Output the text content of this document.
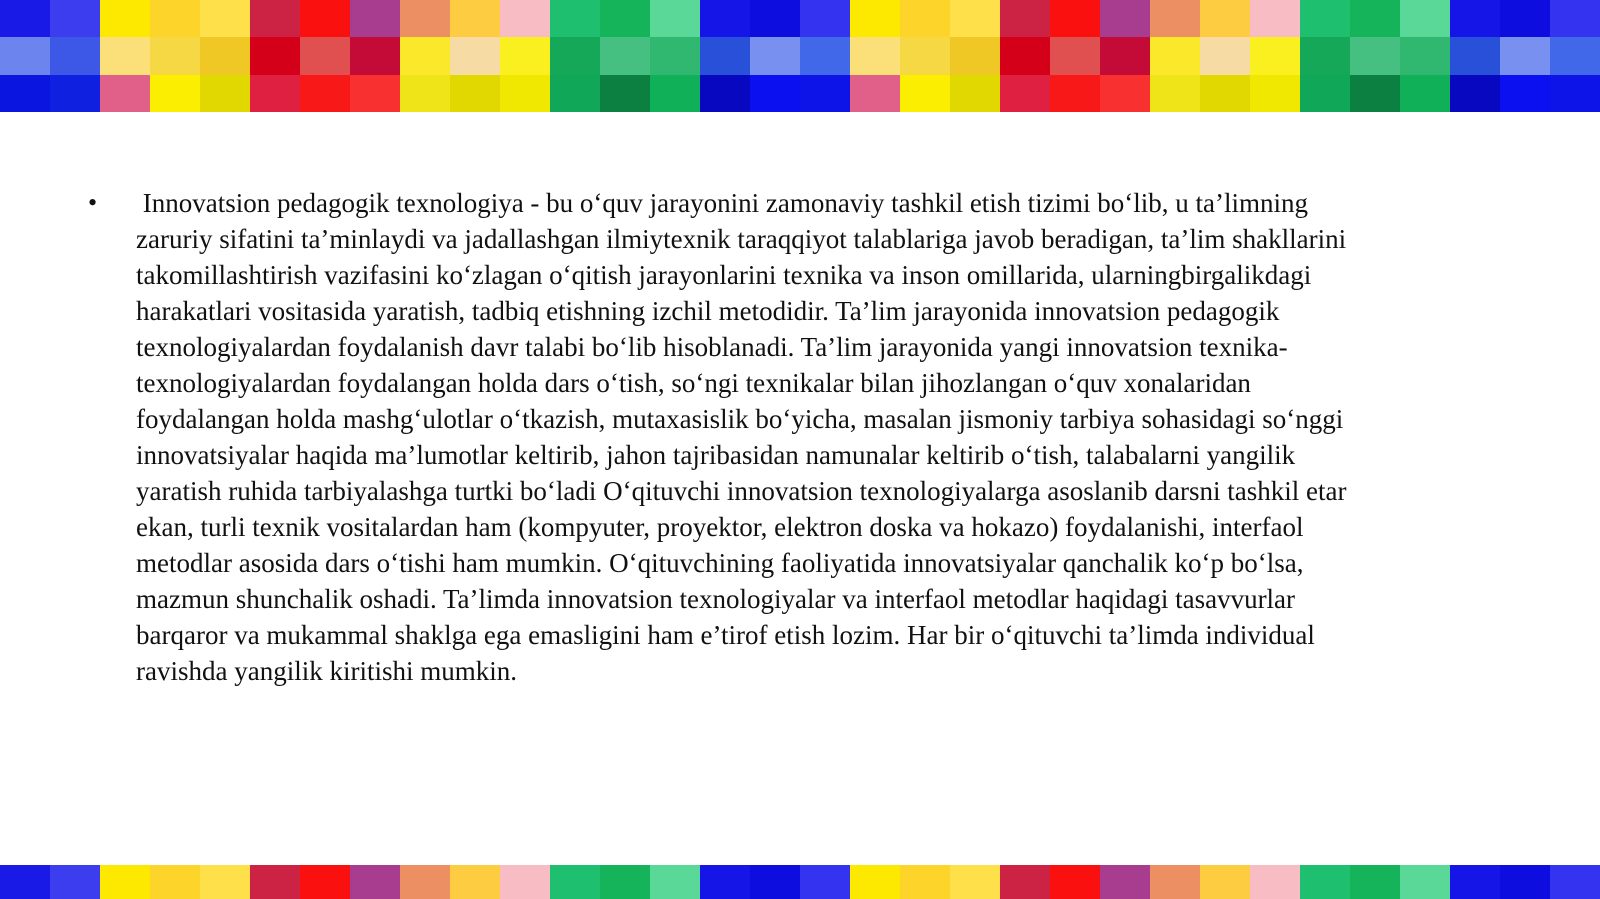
•	Innovatsion pedagogik texnologiya - bu o‘quv jarayonini zamonaviy tashkil etish tizimi bo‘lib, u ta’limning
zaruriy sifatini ta’minlaydi va jadallashgan ilmiytexnik taraqqiyot talablariga javob beradigan, ta’lim shakllarini
takomillashtirish vazifasini ko‘zlagan o‘qitish jarayonlarini texnika va inson omillarida, ularningbirgalikdagi
harakatlari vositasida yaratish, tadbiq etishning izchil metodidir. Ta’lim jarayonida innovatsion pedagogik
texnologiyalardan foydalanish davr talabi bo‘lib hisoblanadi. Ta’lim jarayonida yangi innovatsion texnika-
texnologiyalardan foydalangan holda dars o‘tish, so‘ngi texnikalar bilan jihozlangan o‘quv xonalaridan
foydalangan holda mashg‘ulotlar o‘tkazish, mutaxasislik bo‘yicha, masalan jismoniy tarbiya sohasidagi so‘nggi
innovatsiyalar haqida ma’lumotlar keltirib, jahon tajribasidan namunalar keltirib o‘tish, talabalarni yangilik
yaratish ruhida tarbiyalashga turtki bo‘ladi O‘qituvchi innovatsion texnologiyalarga asoslanib darsni tashkil etar
ekan, turli texnik vositalardan ham (kompyuter, proyektor, elektron doska va hokazo) foydalanishi, interfaol
metodlar asosida dars o‘tishi ham mumkin. O‘qituvchining faoliyatida innovatsiyalar qanchalik ko‘p bo‘lsa,
mazmun shunchalik oshadi. Ta’limda innovatsion texnologiyalar va interfaol metodlar haqidagi tasavvurlar
barqaror va mukammal shaklga ega emasligini ham e’tirof etish lozim. Har bir o‘qituvchi ta’limda individual
ravishda yangilik kiritishi mumkin.
